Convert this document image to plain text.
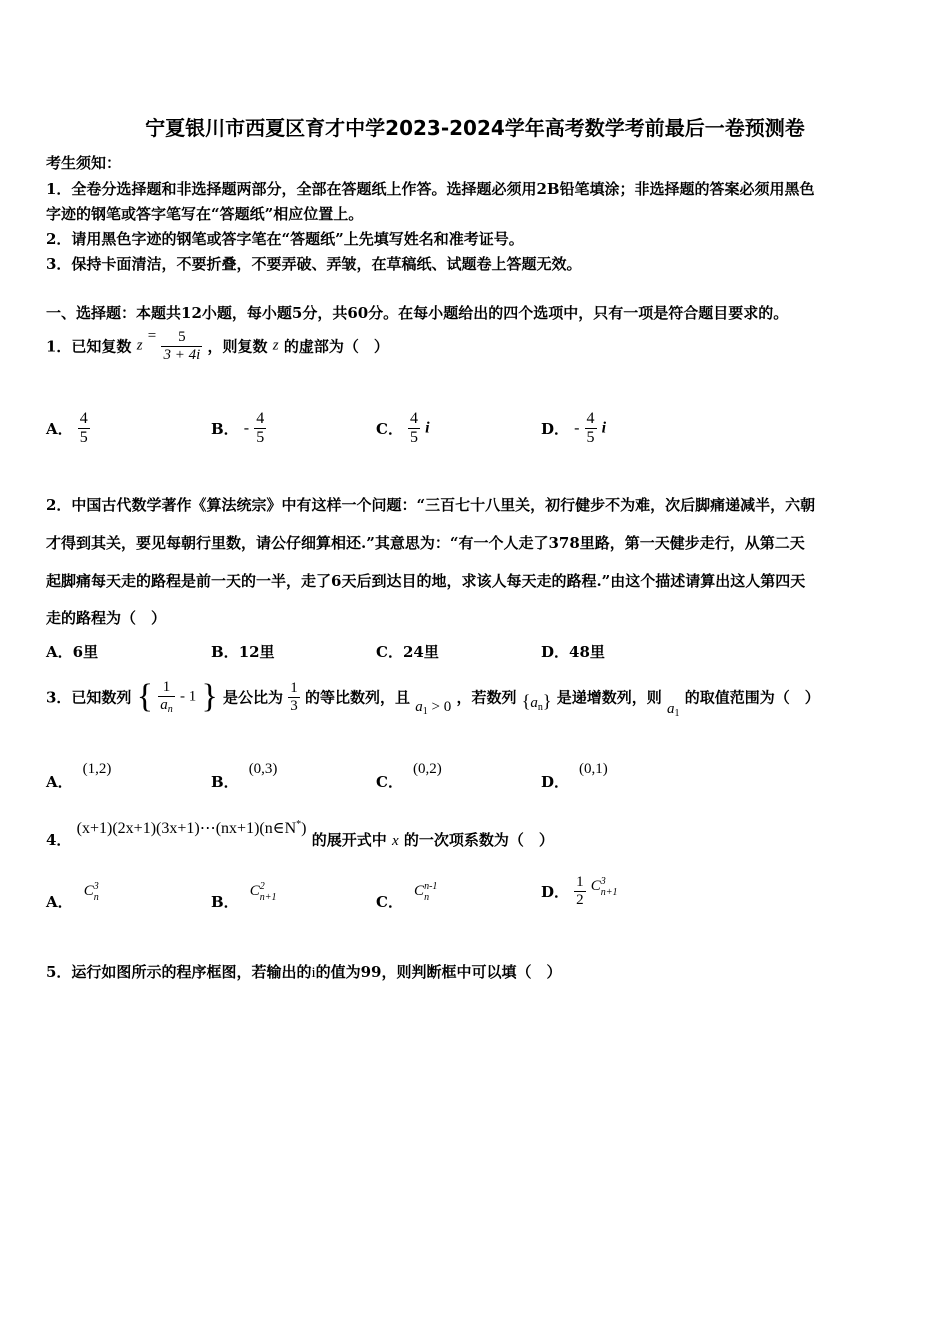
宁夏银川市西夏区育才中学2023-2024学年高考数学考前最后一卷预测卷
考生须知：
1．全卷分选择题和非选择题两部分，全部在答题纸上作答。选择题必须用2B铅笔填涂；非选择题的答案必须用黑色
字迹的钢笔或答字笔写在“答题纸”相应位置上。
2．请用黑色字迹的钢笔或答字笔在“答题纸”上先填写姓名和准考证号。
3．保持卡面清洁，不要折叠，不要弄破、弄皱，在草稿纸、试题卷上答题无效。
一、选择题：本题共12小题，每小题5分，共60分。在每小题给出的四个选项中，只有一项是符合题目要求的。
1．已知复数 $z = \frac{5}{3 + 4i}$ ，则复数 z 的虚部为（　）
A． $\frac{4}{5}$	B． - $\frac{4}{5}$	C． $\frac{4}{5}$ i	D． - $\frac{4}{5}$ i
2．中国古代数学著作《算法统宗》中有这样一个问题：“三百七十八里关，初行健步不为难，次后脚痛递减半，六朝
才得到其关，要见每朝行里数，请公仔细算相还.”其意思为：“有一个人走了378里路，第一天健步走行，从第二天
起脚痛每天走的路程是前一天的一半，走了6天后到达目的地，求该人每天走的路程.”由这个描述请算出这人第四天
走的路程为（　）
A．6里	B．12里	C．24里	D．48里
3．已知数列 { $\frac{1}{a_n} - 1$ } 是公比为 $\frac{1}{3}$ 的等比数列，且 $a_1 > 0$ ，若数列 $\{a_n\}$ 是递增数列，则 $a_1$ 的取值范围为（　）
A．(1,2)
B．(0,3)
C．(0,2)
D．(0,1)
4． (x+1)(2x+1)(3x+1)⋯(nx+1)(n∈N*) 的展开式中 x 的一次项系数为（　）
A． C 3
n	B． C 2
n+1	C． C n-1
n	D． $\frac{1}{2}$ C 3
n+1
5．运行如图所示的程序框图，若输出的i的值为99，则判断框中可以填（　）
